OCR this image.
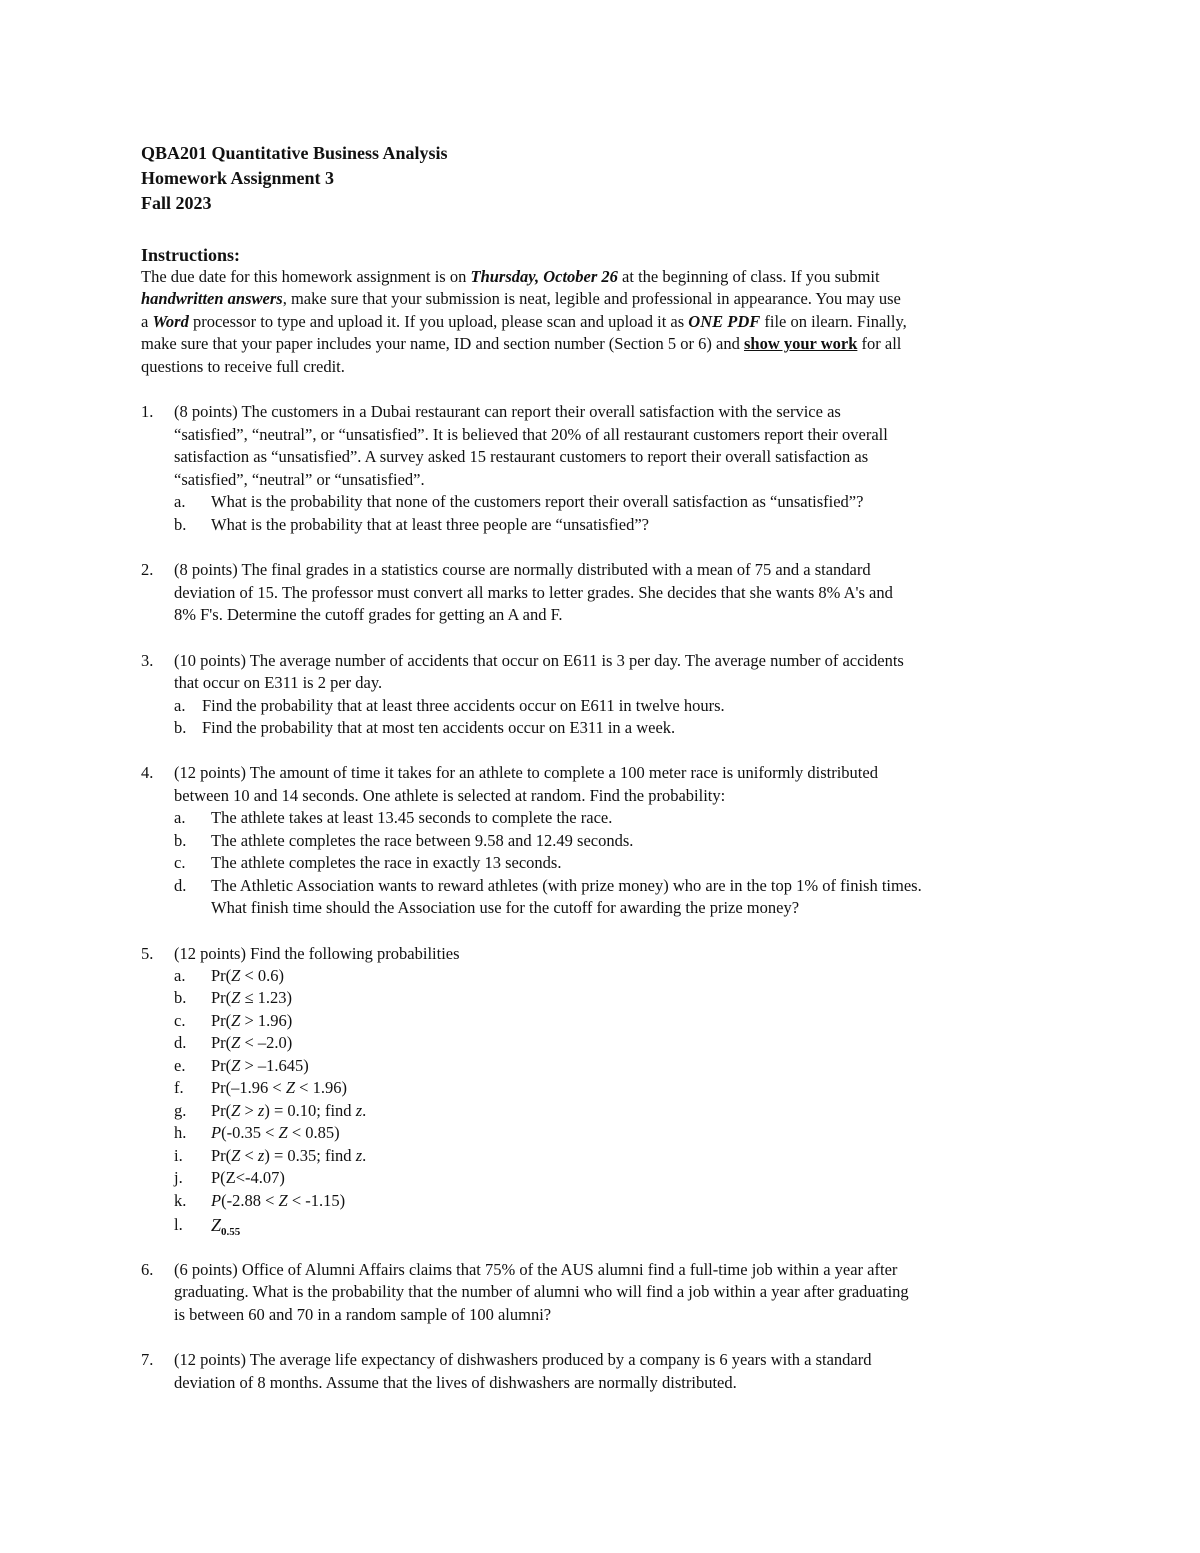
QBA201 Quantitative Business Analysis
Homework Assignment 3
Fall 2023
Instructions:
The due date for this homework assignment is on Thursday, October 26 at the beginning of class. If you submit
handwritten answers, make sure that your submission is neat, legible and professional in appearance. You may use
a Word processor to type and upload it. If you upload, please scan and upload it as ONE PDF file on ilearn. Finally,
make sure that your paper includes your name, ID and section number (Section 5 or 6) and show your work for all
questions to receive full credit.
1. (8 points) The customers in a Dubai restaurant can report their overall satisfaction with the service as
“satisfied”, “neutral”, or “unsatisfied”. It is believed that 20% of all restaurant customers report their overall
satisfaction as “unsatisfied”. A survey asked 15 restaurant customers to report their overall satisfaction as
“satisfied”, “neutral” or “unsatisfied”.
a. What is the probability that none of the customers report their overall satisfaction as “unsatisfied”?
b. What is the probability that at least three people are “unsatisfied”?
2. (8 points) The final grades in a statistics course are normally distributed with a mean of 75 and a standard
deviation of 15. The professor must convert all marks to letter grades. She decides that she wants 8% A's and
8% F's. Determine the cutoff grades for getting an A and F.
3. (10 points) The average number of accidents that occur on E611 is 3 per day. The average number of accidents
that occur on E311 is 2 per day.
a. Find the probability that at least three accidents occur on E611 in twelve hours.
b. Find the probability that at most ten accidents occur on E311 in a week.
4. (12 points) The amount of time it takes for an athlete to complete a 100 meter race is uniformly distributed
between 10 and 14 seconds. One athlete is selected at random. Find the probability:
a. The athlete takes at least 13.45 seconds to complete the race.
b. The athlete completes the race between 9.58 and 12.49 seconds.
c. The athlete completes the race in exactly 13 seconds.
d. The Athletic Association wants to reward athletes (with prize money) who are in the top 1% of finish times.
What finish time should the Association use for the cutoff for awarding the prize money?
5. (12 points) Find the following probabilities
a. Pr(Z < 0.6)
b. Pr(Z ≤ 1.23)
c. Pr(Z > 1.96)
d. Pr(Z < –2.0)
e. Pr(Z > –1.645)
f. Pr(–1.96 < Z < 1.96)
g. Pr(Z > z) = 0.10; find z.
h. P(-0.35 < Z < 0.85)
i. Pr(Z < z) = 0.35; find z.
j. P(Z<-4.07)
k. P(-2.88 < Z < -1.15)
l. $Z_{0.55}$
6. (6 points) Office of Alumni Affairs claims that 75% of the AUS alumni find a full-time job within a year after
graduating. What is the probability that the number of alumni who will find a job within a year after graduating
is between 60 and 70 in a random sample of 100 alumni?
7. (12 points) The average life expectancy of dishwashers produced by a company is 6 years with a standard
deviation of 8 months. Assume that the lives of dishwashers are normally distributed.
